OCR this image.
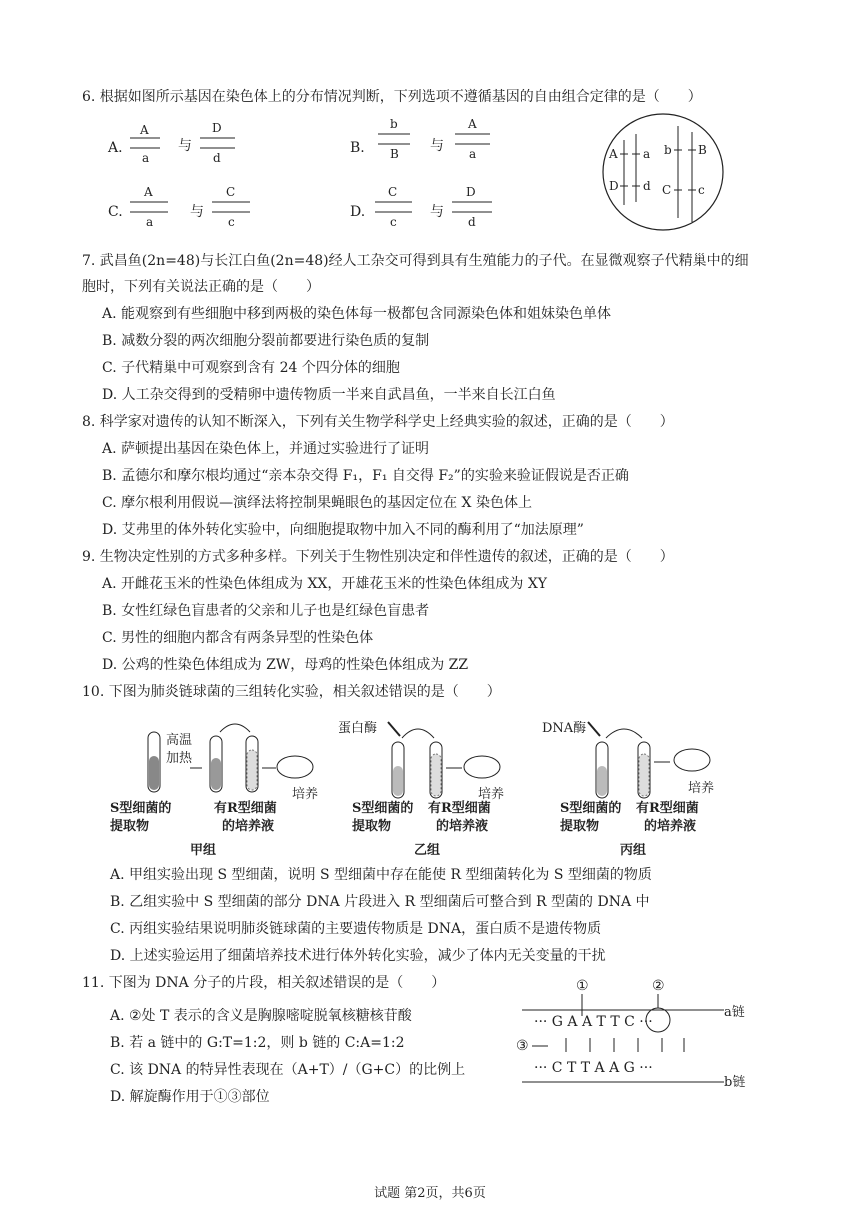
6. 根据如图所示基因在染色体上的分布情况判断，下列选项不遵循基因的自由组合定律的是（　　）
A.
A
a
与
D
d
B.
b
B 与
A
a
C.
A
a
与
C
c
D.
C
c
与
D
d
A a
D d
b B
C c
7. 武昌鱼(2n=48)与长江白鱼(2n=48)经人工杂交可得到具有生殖能力的子代。在显微观察子代精巢中的细
胞时，下列有关说法正确的是（　　）
A. 能观察到有些细胞中移到两极的染色体每一极都包含同源染色体和姐妹染色单体
B. 减数分裂的两次细胞分裂前都要进行染色质的复制
C. 子代精巢中可观察到含有 24 个四分体的细胞
D. 人工杂交得到的受精卵中遗传物质一半来自武昌鱼，一半来自长江白鱼
8. 科学家对遗传的认知不断深入，下列有关生物学科学史上经典实验的叙述，正确的是（　　）
A. 萨顿提出基因在染色体上，并通过实验进行了证明
B. 孟德尔和摩尔根均通过“亲本杂交得 F₁，F₁ 自交得 F₂”的实验来验证假说是否正确
C. 摩尔根利用假说—演绎法将控制果蝇眼色的基因定位在 X 染色体上
D. 艾弗里的体外转化实验中，向细胞提取物中加入不同的酶利用了“加法原理”
9. 生物决定性别的方式多种多样。下列关于生物性别决定和伴性遗传的叙述，正确的是（　　）
A. 开雌花玉米的性染色体组成为 XX，开雄花玉米的性染色体组成为 XY
B. 女性红绿色盲患者的父亲和儿子也是红绿色盲患者
C. 男性的细胞内都含有两条异型的性染色体
D. 公鸡的性染色体组成为 ZW，母鸡的性染色体组成为 ZZ
10. 下图为肺炎链球菌的三组转化实验，相关叙述错误的是（　　）
高温
加热
培养
S型细菌的
提取物
有R型细菌
的培养液
甲组
蛋白酶
培养
S型细菌的
提取物
有R型细菌
的培养液
乙组
DNA酶
培养
S型细菌的
提取物
有R型细菌
的培养液
丙组
A. 甲组实验出现 S 型细菌，说明 S 型细菌中存在能使 R 型细菌转化为 S 型细菌的物质
B. 乙组实验中 S 型细菌的部分 DNA 片段进入 R 型细菌后可整合到 R 型菌的 DNA 中
C. 丙组实验结果说明肺炎链球菌的主要遗传物质是 DNA，蛋白质不是遗传物质
D. 上述实验运用了细菌培养技术进行体外转化实验，减少了体内无关变量的干扰
11. 下图为 DNA 分子的片段，相关叙述错误的是（　　）
A. ②处 T 表示的含义是胸腺嘧啶脱氧核糖核苷酸
B. 若 a 链中的 G:T=1:2，则 b 链的 C:A=1:2
C. 该 DNA 的特异性表现在（A+T）/（G+C）的比例上
D. 解旋酶作用于①③部位
①	②
a链
··· G A A T T C ···
③
··· C T T A A G ···
b链
试题 第2页，共6页
